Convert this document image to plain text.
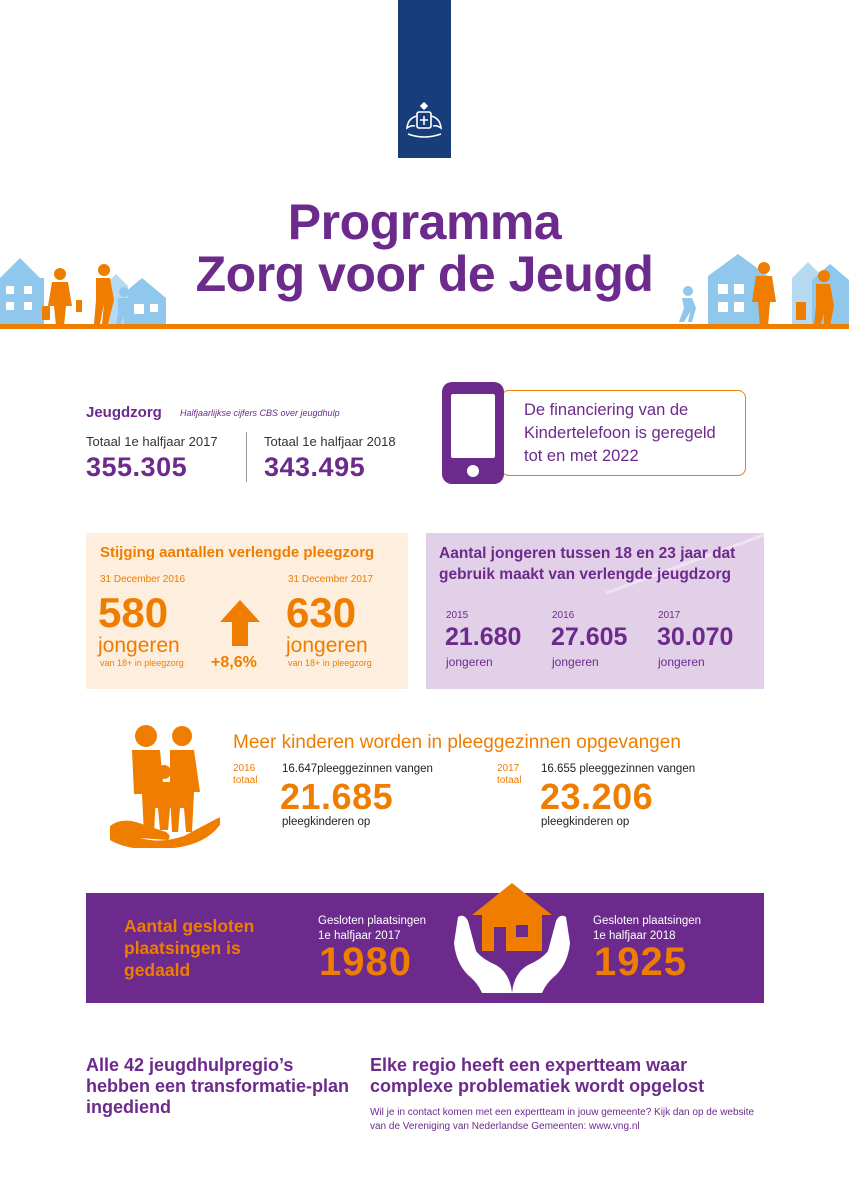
Programma
Zorg voor de Jeugd
Jeugdzorg Halfjaarlijkse cijfers CBS over jeugdhulp
Totaal 1e halfjaar 2017
355.305
Totaal 1e halfjaar 2018
343.495
De financiering van de
Kindertelefoon is geregeld
tot en met 2022
Stijging aantallen verlengde pleegzorg
31 December 2016
580
jongeren
van 18+ in pleegzorg +8,6%
31 December 2017
630
jongeren
van 18+ in pleegzorg
Aantal jongeren tussen 18 en 23 jaar dat gebruik maakt van verlengde jeugdzorg
2015
21.680
jongeren
2016
27.605
jongeren
2017
30.070
jongeren
Meer kinderen worden in pleeggezinnen opgevangen
2016
totaal
16.647pleeggezinnen vangen
21.685
pleegkinderen op
2017
totaal
16.655 pleeggezinnen vangen
23.206
pleegkinderen op
Aantal gesloten plaatsingen is gedaald
Gesloten plaatsingen
1e halfjaar 2017
1980
Gesloten plaatsingen
1e halfjaar 2018
1925
Alle 42 jeugdhulpregio’s hebben een transformatie-plan ingediend
Elke regio heeft een expertteam waar complexe problematiek wordt opgelost
Wil je in contact komen met een expertteam in jouw gemeente? Kijk dan op de website van de Vereniging van Nederlandse Gemeenten: www.vng.nl
